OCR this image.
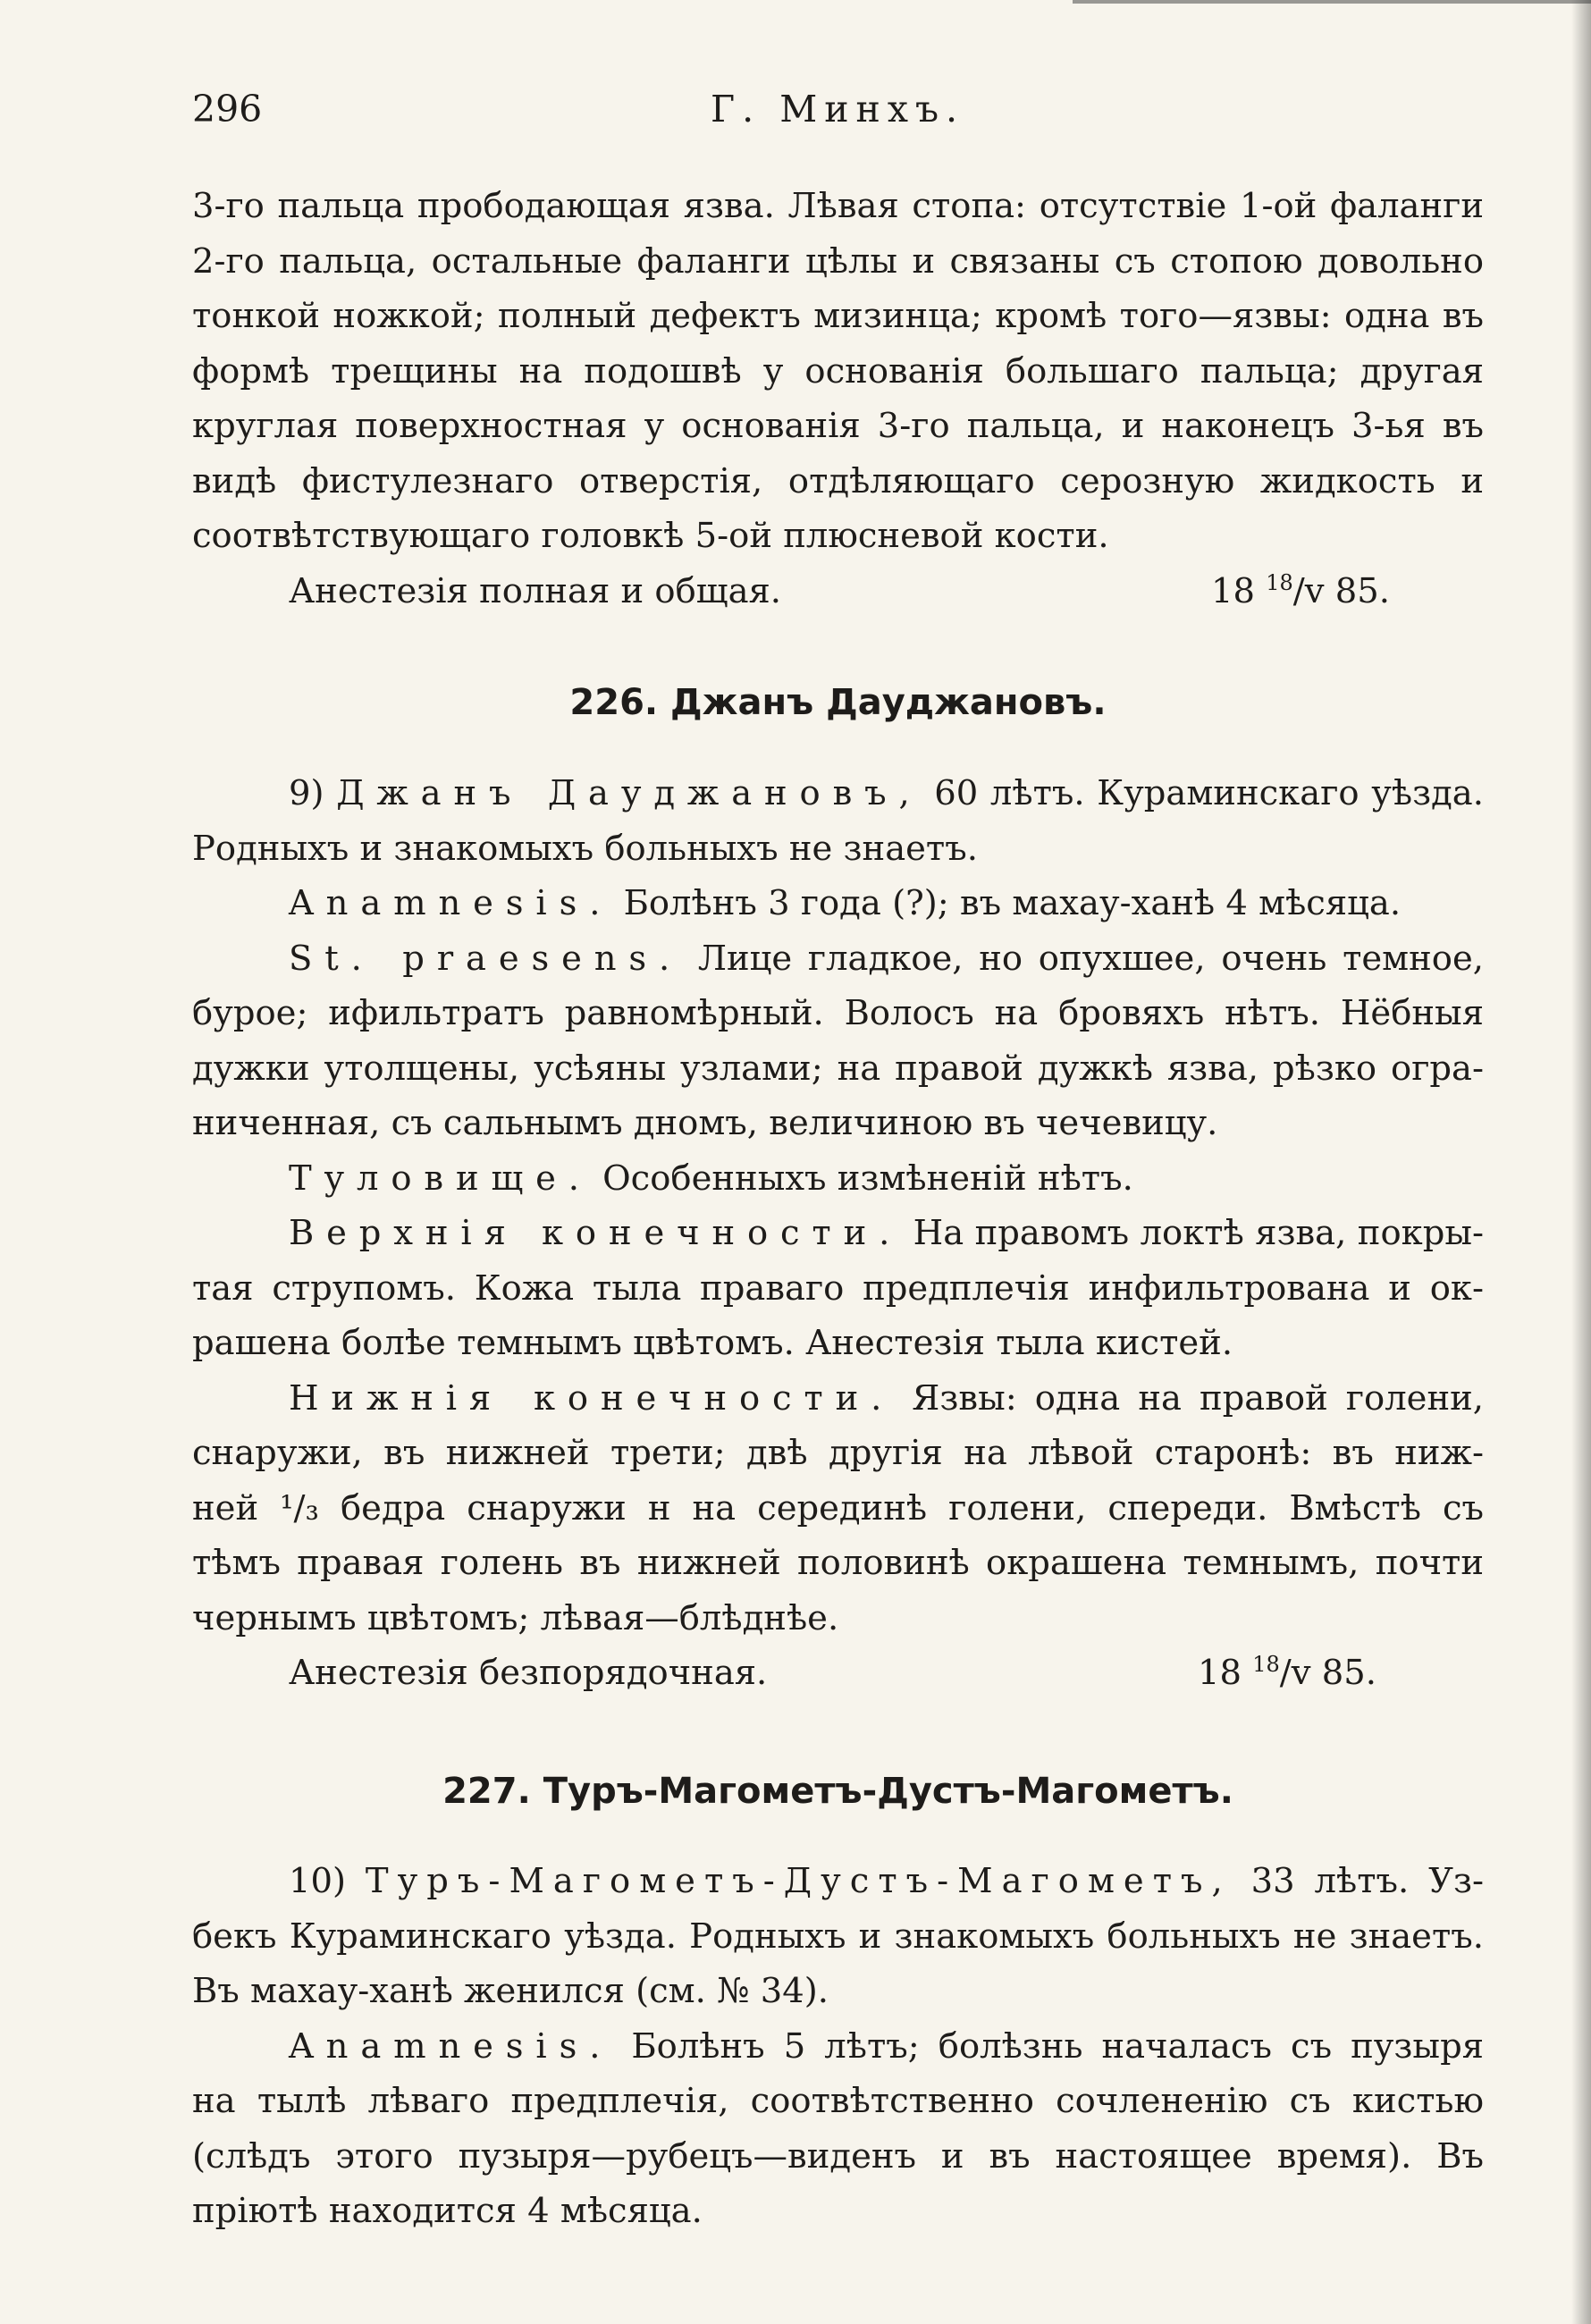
296	Г. Минхъ.
3-го пальца прободающая язва. Лѣвая стопа: отсутствіе 1-ой фаланги
2-го пальца, остальные фаланги цѣлы и связаны съ стопою довольно
тонкой ножкой; полный дефектъ мизинца; кромѣ того—язвы: одна въ
формѣ трещины на подошвѣ у основанія большаго пальца; другая
круглая поверхностная у основанія 3-го пальца, и наконецъ 3-ья въ
видѣ фистулезнаго отверстія, отдѣляющаго серозную жидкость и
соотвѣтствующаго головкѣ 5-ой плюсневой кости.
Анестезія полная и общая.	18 $^{18}$/v 85.
226. Джанъ Дауджановъ.
9) Джанъ Дауджановъ, 60 лѣтъ. Кураминскаго уѣзда.
Родныхъ и знакомыхъ больныхъ не знаетъ.
Anamnesis. Болѣнъ 3 года (?); въ махау-ханѣ 4 мѣсяца.
St. praesens. Лице гладкое, но опухшее, очень темное,
бурое; ифильтратъ равномѣрный. Волосъ на бровяхъ нѣтъ. Нёбныя
дужки утолщены, усѣяны узлами; на правой дужкѣ язва, рѣзко огра-
ниченная, съ сальнымъ дномъ, величиною въ чечевицу.
Туловище. Особенныхъ измѣненій нѣтъ.
Верхнія конечности. На правомъ локтѣ язва, покры-
тая струпомъ. Кожа тыла праваго предплечія инфильтрована и ок-
рашена болѣе темнымъ цвѣтомъ. Анестезія тыла кистей.
Нижнія конечности. Язвы: одна на правой голени,
снаружи, въ нижней трети; двѣ другія на лѣвой старонѣ: въ ниж-
ней ¹/₃ бедра снаружи н на серединѣ голени, спереди. Вмѣстѣ съ
тѣмъ правая голень въ нижней половинѣ окрашена темнымъ, почти
чернымъ цвѣтомъ; лѣвая—блѣднѣе.
Анестезія безпорядочная.	18 $^{18}$/v 85.
227. Туръ-Магометъ-Дустъ-Магометъ.
10) Туръ-Магометъ-Дустъ-Магометъ, 33 лѣтъ. Уз-
бекъ Кураминскаго уѣзда. Родныхъ и знакомыхъ больныхъ не знаетъ.
Въ махау-ханѣ женился (см. № 34).
Anamnesis. Болѣнъ 5 лѣтъ; болѣзнь началасъ съ пузыря
на тылѣ лѣваго предплечія, соотвѣтственно сочлененію съ кистью
(слѣдъ этого пузыря—рубецъ—виденъ и въ настоящее время). Въ
пріютѣ находится 4 мѣсяца.
